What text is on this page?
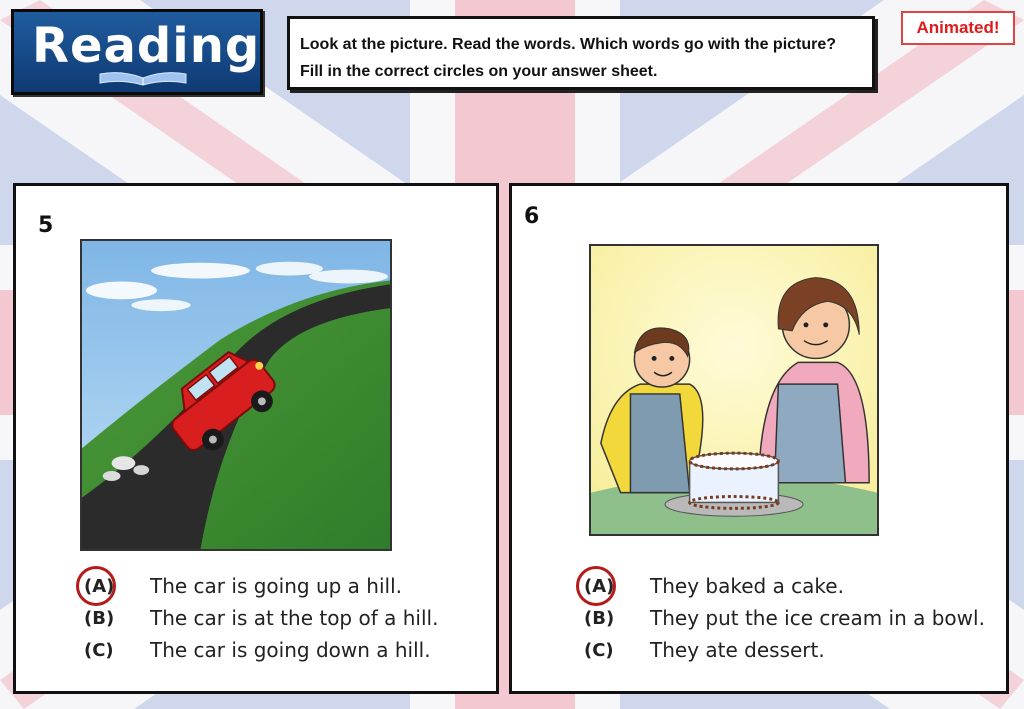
Reading Look at the picture. Read the words. Which words go with the picture?
Fill in the correct circles on your answer sheet.
Animated!
5
(A)	The car is going up a hill.
(B)	The car is at the top of a hill.
(C)	The car is going down a hill.
6
(A)	They baked a cake.
(B)	They put the ice cream in a bowl.
(C)	They ate dessert.
